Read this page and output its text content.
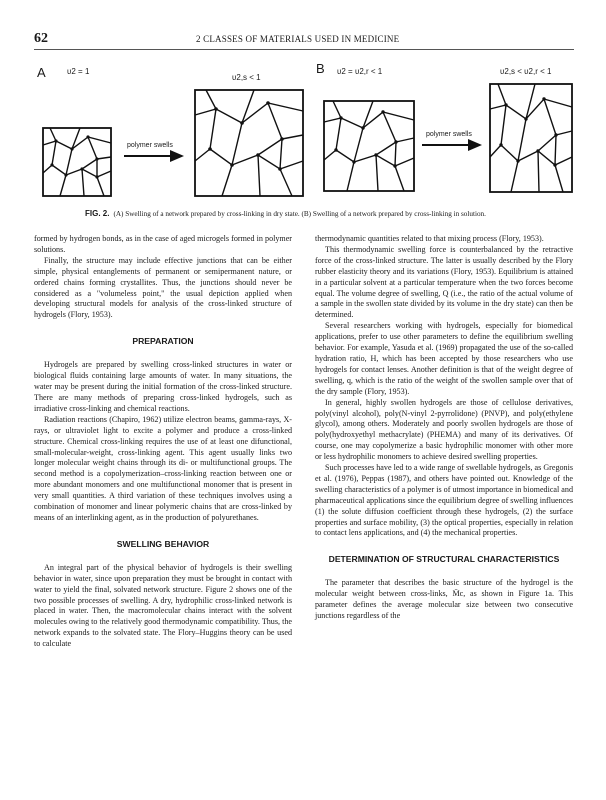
62	2 CLASSES OF MATERIALS USED IN MEDICINE
A	υ2 = 1
υ2,s < 1
polymer swells
B υ2 = υ2,r < 1	υ2,s < υ2,r < 1
polymer swells
FIG. 2. (A) Swelling of a network prepared by cross-linking in dry state. (B) Swelling of a network prepared by cross-linking in solution.

formed by hydrogen bonds, as in the case of aged microgels formed in polymer solutions.

Finally, the structure may include effective junctions that can be either simple, physical entanglements of permanent or semipermanent nature, or ordered chains forming crystallites. Thus, the junctions should never be considered as a "volumeless point," the usual depiction applied when developing structural models for analysis of the cross-linked structure of hydrogels (Flory, 1953).

PREPARATION

Hydrogels are prepared by swelling cross-linked structures in water or biological fluids containing large amounts of water. In many situations, the water may be present during the initial formation of the cross-linked structure. There are many methods of preparing cross-linked hydrogels, such as irradiative cross-linking and chemical reactions.

Radiation reactions (Chapiro, 1962) utilize electron beams, gamma-rays, X-rays, or ultraviolet light to excite a polymer and produce a cross-linked structure. Chemical cross-linking requires the use of at least one difunctional, small-molecular-weight, cross-linking agent. This agent usually links two longer molecular weight chains through its di- or multifunctional groups. The second method is a copolymerization–cross-linking reaction between one or more abundant monomers and one multifunctional monomer that is present in very small quantities. A third variation of these techniques involves using a combination of monomer and linear polymeric chains that are cross-linked by means of an interlinking agent, as in the production of polyurethanes.

SWELLING BEHAVIOR

An integral part of the physical behavior of hydrogels is their swelling behavior in water, since upon preparation they must be brought in contact with water to yield the final, solvated network structure. Figure 2 shows one of the two possible processes of swelling. A dry, hydrophilic cross-linked network is placed in water. Then, the macromolecular chains interact with the solvent molecules owing to the relatively good thermodynamic compatibility. Thus, the network expands to the solvated state. The Flory–Huggins theory can be used to calculate

thermodynamic quantities related to that mixing process (Flory, 1953).

This thermodynamic swelling force is counterbalanced by the retractive force of the cross-linked structure. The latter is usually described by the Flory rubber elasticity theory and its variations (Flory, 1953). Equilibrium is attained in a particular solvent at a particular temperature when the two forces become equal. The volume degree of swelling, Q (i.e., the ratio of the actual volume of a sample in the swollen state divided by its volume in the dry state) can then be determined.

Several researchers working with hydrogels, especially for biomedical applications, prefer to use other parameters to define the equilibrium swelling behavior. For example, Yasuda et al. (1969) propagated the use of the so-called hydration ratio, H, which has been accepted by those researchers who use hydrogels for contact lenses. Another definition is that of the weight degree of swelling, q, which is the ratio of the weight of the swollen sample over that of the dry sample (Flory, 1953).

In general, highly swollen hydrogels are those of cellulose derivatives, poly(vinyl alcohol), poly(N-vinyl 2-pyrrolidone) (PNVP), and poly(ethylene glycol), among others. Moderately and poorly swollen hydrogels are those of poly(hydroxyethyl methacrylate) (PHEMA) and many of its derivatives. Of course, one may copolymerize a basic hydrophilic monomer with other more or less hydrophilic monomers to achieve desired swelling properties.

Such processes have led to a wide range of swellable hydrogels, as Gregonis et al. (1976), Peppas (1987), and others have pointed out. Knowledge of the swelling characteristics of a polymer is of utmost importance in biomedical and pharmaceutical applications since the equilibrium degree of swelling influences (1) the solute diffusion coefficient through these hydrogels, (2) the surface properties and surface mobility, (3) the optical properties, especially in relation to contact lens applications, and (4) the mechanical properties.

DETERMINATION OF STRUCTURAL CHARACTERISTICS

The parameter that describes the basic structure of the hydrogel is the molecular weight between cross-links, M̄c, as shown in Figure 1a. This parameter defines the average molecular size between two consecutive junctions regardless of the
